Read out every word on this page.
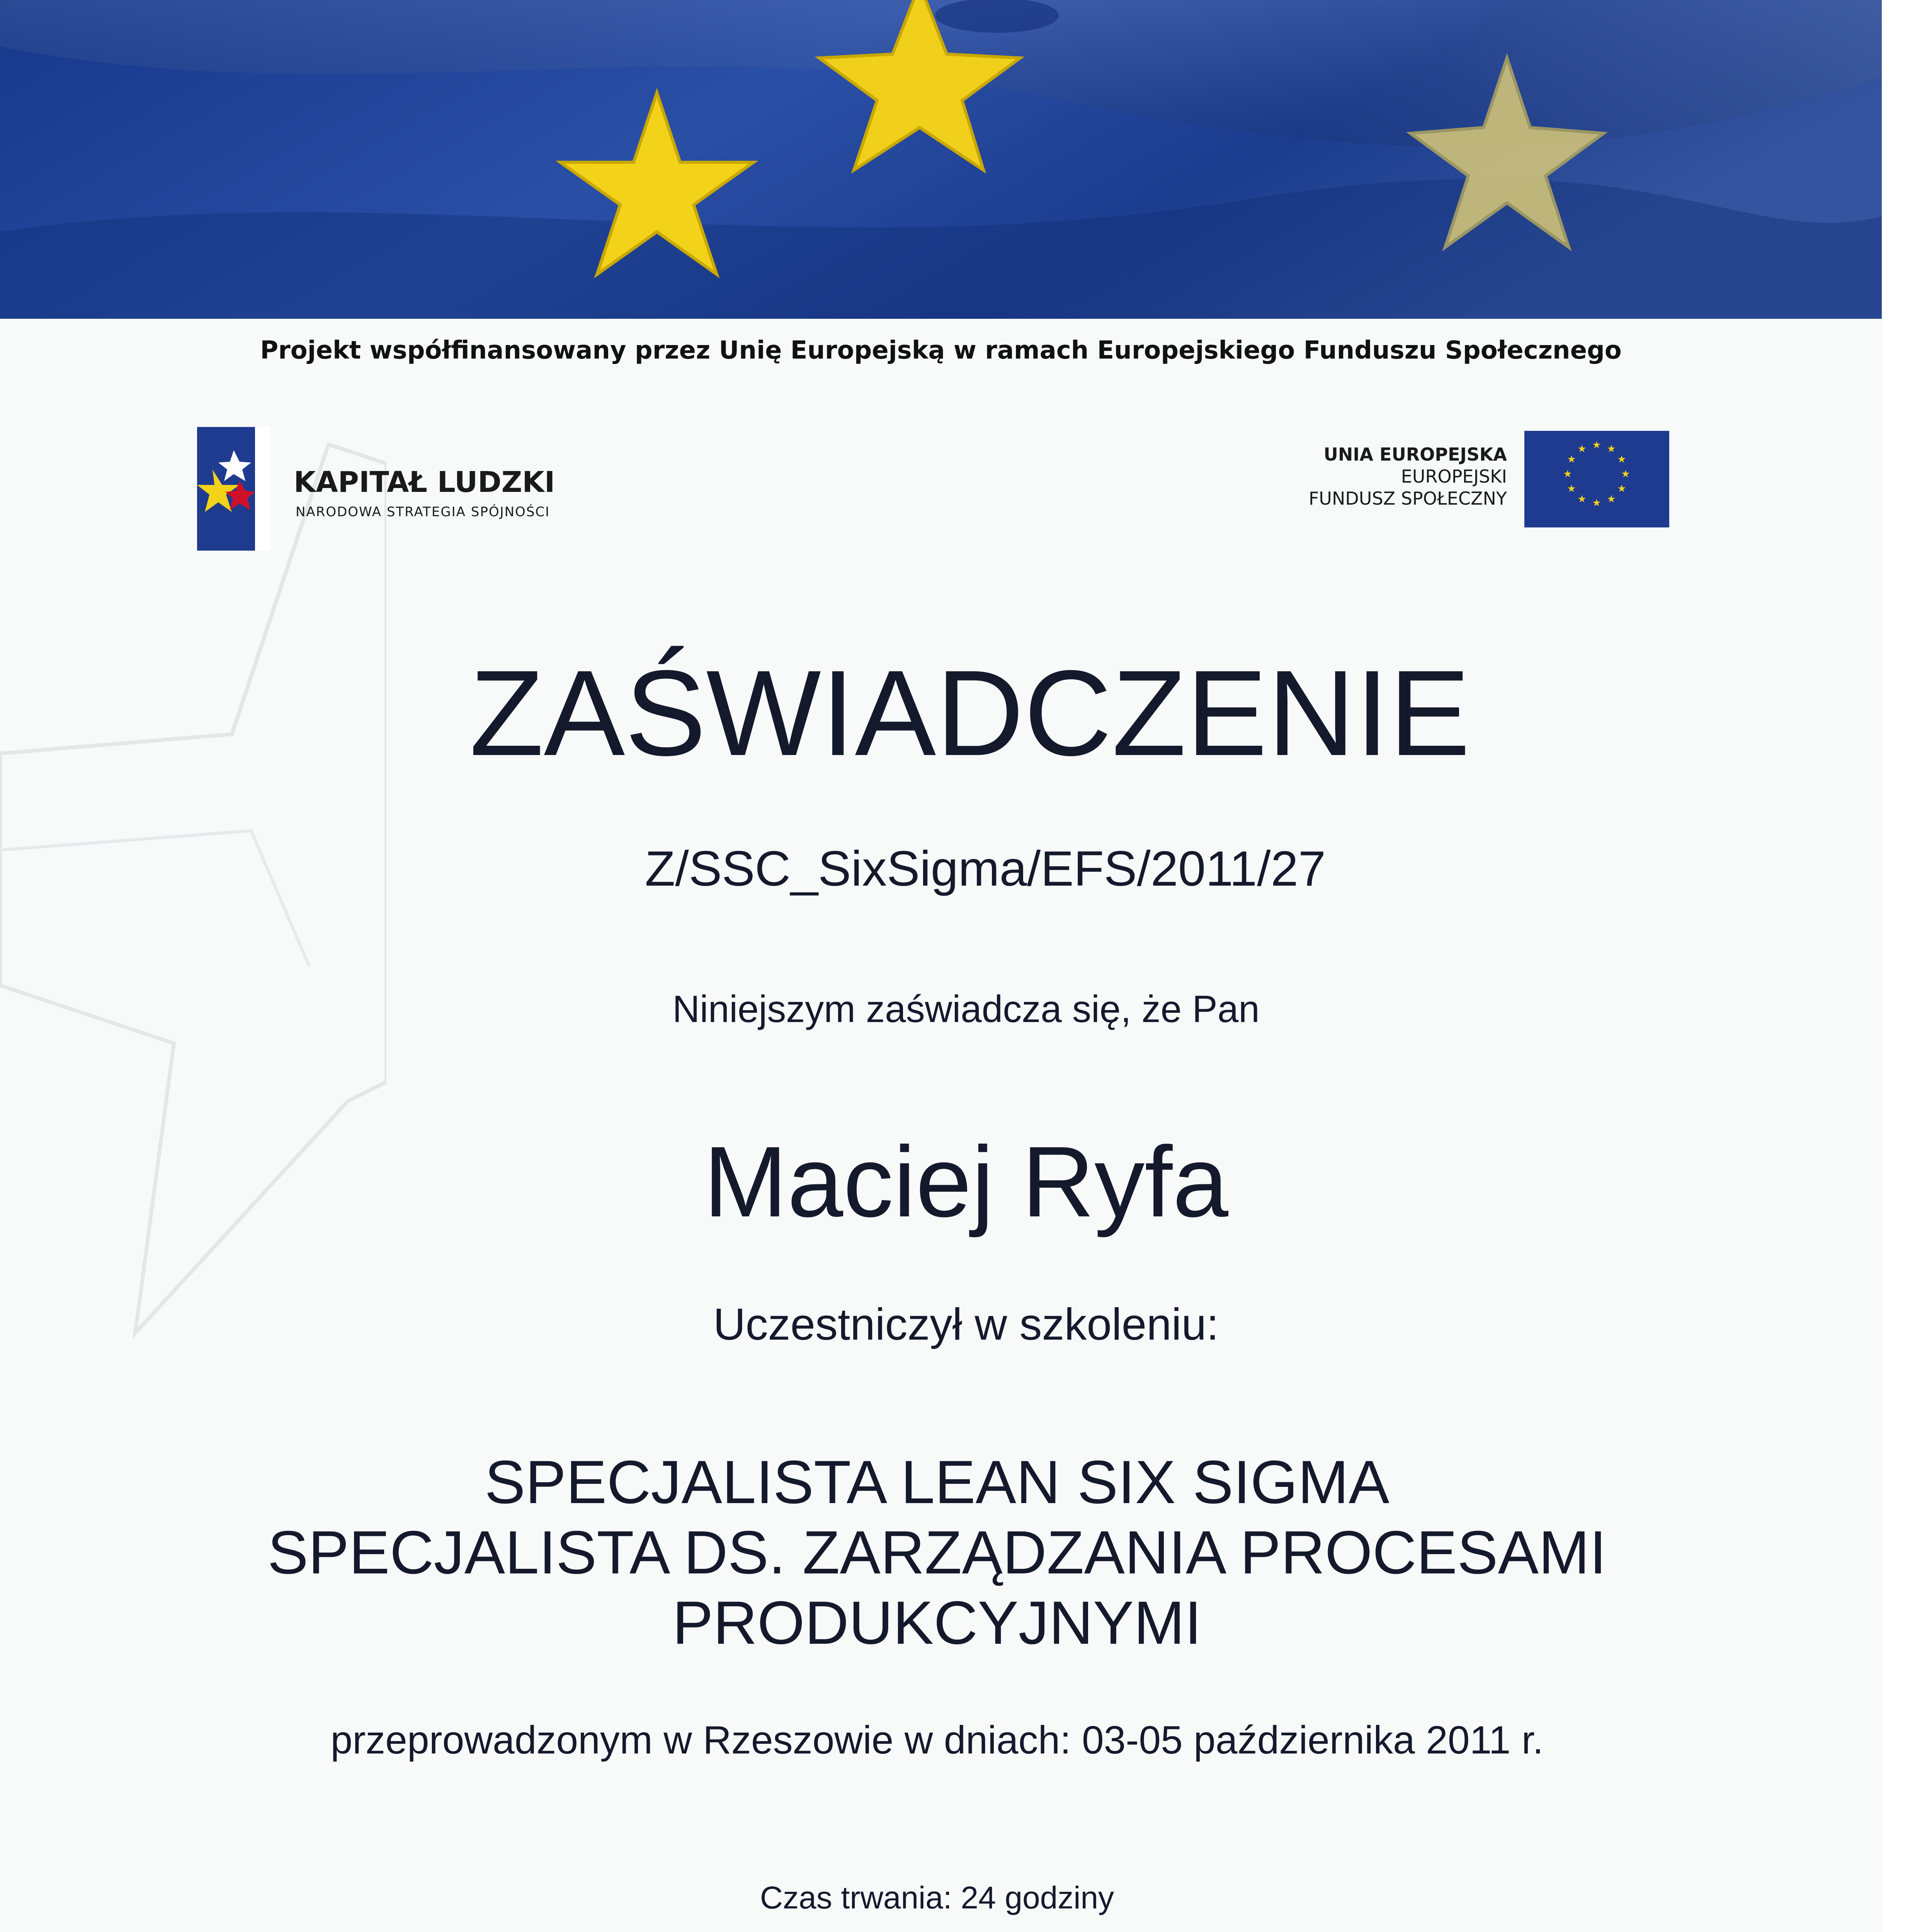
Projekt współfinansowany przez Unię Europejską w ramach Europejskiego Funduszu Społecznego
KAPITAŁ LUDZKI
NARODOWA STRATEGIA SPÓJNOŚCI
UNIA EUROPEJSKA
EUROPEJSKI
FUNDUSZ SPOŁECZNY
★ ★
★
★
★
★
★
★
★
★
★
★
ZAŚWIADCZENIE
Z/SSC_SixSigma/EFS/2011/27
Niniejszym zaświadcza się, że Pan
Maciej Ryfa
Uczestniczył w szkoleniu:
SPECJALISTA LEAN SIX SIGMA
SPECJALISTA DS. ZARZĄDZANIA PROCESAMI
PRODUKCYJNYMI
przeprowadzonym w Rzeszowie w dniach: 03-05 października 2011 r.
Czas trwania: 24 godziny
